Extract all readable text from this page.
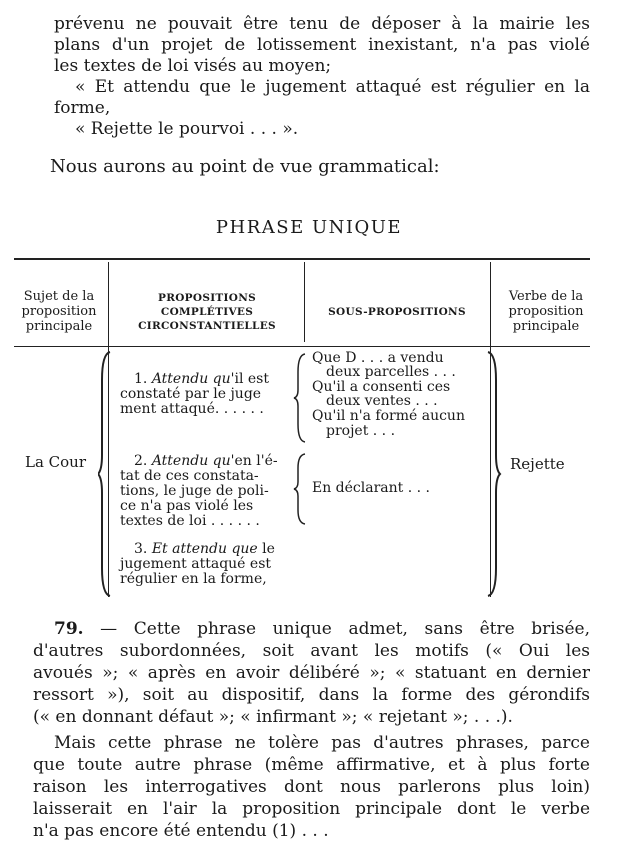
prévenu ne pouvait être tenu de déposer à la mairie les
plans d'un projet de lotissement inexistant, n'a pas violé
les textes de loi visés au moyen;
« Et attendu que le jugement attaqué est régulier en la
forme,
« Rejette le pourvoi . . . ».
Nous aurons au point de vue grammatical:
PHRASE UNIQUE
Sujet de la
proposition
principale
PROPOSITIONS
COMPLÉTIVES
CIRCONSTANTIELLES
SOUS-PROPOSITIONS
Verbe de la
proposition
principale
La Cour	Rejette
1. Attendu qu'il est
constaté par le juge
ment attaqué. . . . . .
2. Attendu qu'en l'é-
tat de ces constata-
tions, le juge de poli-
ce n'a pas violé les
textes de loi . . . . . .
3. Et attendu que le
jugement attaqué est
régulier en la forme,
Que D . . . a vendu
deux parcelles . . .
Qu'il a consenti ces
deux ventes . . .
Qu'il n'a formé aucun
projet . . .
En déclarant . . .
79. — Cette phrase unique admet, sans être brisée,
d'autres subordonnées, soit avant les motifs (« Oui les
avoués »; « après en avoir délibéré »; « statuant en dernier
ressort »), soit au dispositif, dans la forme des gérondifs
(« en donnant défaut »; « infirmant »; « rejetant »; . . .).
Mais cette phrase ne tolère pas d'autres phrases, parce
que toute autre phrase (même affirmative, et à plus forte
raison les interrogatives dont nous parlerons plus loin)
laisserait en l'air la proposition principale dont le verbe
n'a pas encore été entendu (1) . . .
